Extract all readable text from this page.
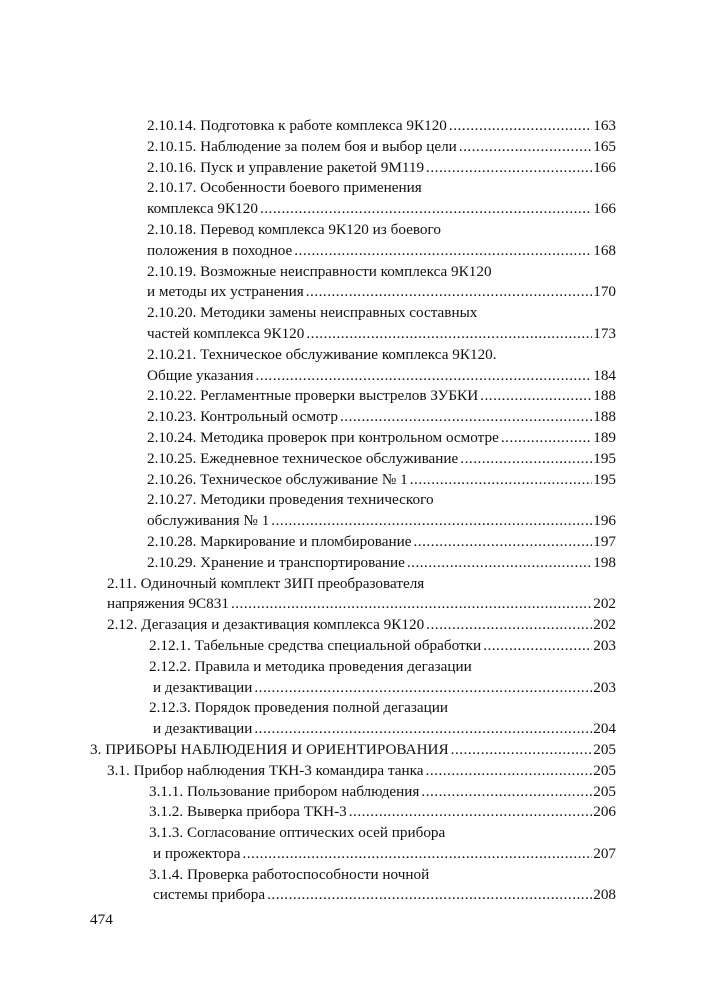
2.10.14. Подготовка к работе комплекса 9К120 .....	163
2.10.15. Наблюдение за полем боя и выбор цели .....	165
2.10.16. Пуск и управление ракетой 9М119 .....	166
2.10.17. Особенности боевого применения
комплекса 9К120 .....	166
2.10.18. Перевод комплекса 9К120 из боевого
положения в походное .....	168
2.10.19. Возможные неисправности комплекса 9К120
и методы их устранения .....	170
2.10.20. Методики замены неисправных составных
частей комплекса 9К120 .....	173
2.10.21. Техническое обслуживание комплекса 9К120.
Общие указания .....	184
2.10.22. Регламентные проверки выстрелов ЗУБКИ .....	188
2.10.23. Контрольный осмотр .....	188
2.10.24. Методика проверок при контрольном осмотре .....	189
2.10.25. Ежедневное техническое обслуживание .....	195
2.10.26. Техническое обслуживание № 1 .....	195
2.10.27. Методики проведения технического
обслуживания № 1 .....	196
2.10.28. Маркирование и пломбирование .....	197
2.10.29. Хранение и транспортирование .....	198
2.11. Одиночный комплект ЗИП преобразователя
напряжения 9С831 .....	202
2.12. Дегазация и дезактивация комплекса 9К120 .....	202
2.12.1. Табельные средства специальной обработки .....	203
2.12.2. Правила и методика проведения дегазации
и дезактивации .....	203
2.12.3. Порядок проведения полной дегазации
и дезактивации .....	204
3. ПРИБОРЫ НАБЛЮДЕНИЯ И ОРИЕНТИРОВАНИЯ .....	205
3.1. Прибор наблюдения ТКН-3 командира танка .....	205
3.1.1. Пользование прибором наблюдения .....	205
3.1.2. Выверка прибора ТКН-3 .....	206
3.1.3. Согласование оптических осей прибора
и прожектора .....	207
3.1.4. Проверка работоспособности ночной
системы прибора .....	208
474
